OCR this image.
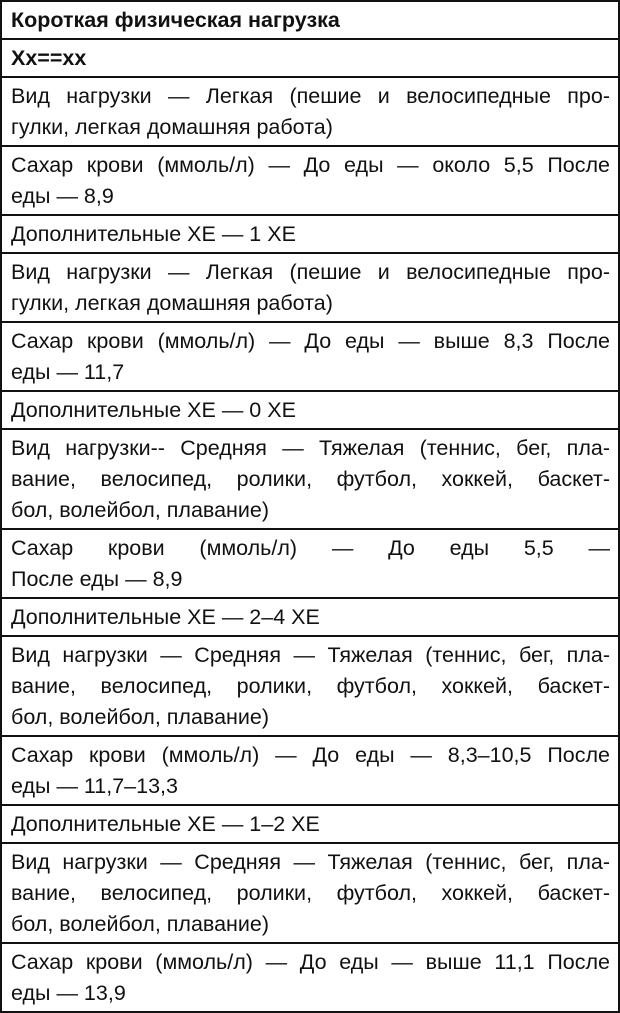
Короткая физическая нагрузка
Хх==хх
Вид нагрузки — Легкая (пешие и велосипедные про-
гулки, легкая домашняя работа)
Сахар крови (ммоль/л) — До еды — около 5,5 После
еды — 8,9
Дополнительные ХЕ — 1 ХЕ
Вид нагрузки — Легкая (пешие и велосипедные про-
гулки, легкая домашняя работа)
Сахар крови (ммоль/л) — До еды — выше 8,3 После
еды — 11,7
Дополнительные ХЕ — 0 ХЕ
Вид нагрузки-- Средняя — Тяжелая (теннис, бег, пла-
вание, велосипед, ролики, футбол, хоккей, баскет-
бол, волейбол, плавание)
Сахар крови (ммоль/л) — До еды 5,5 —
После еды — 8,9
Дополнительные ХЕ — 2–4 ХЕ
Вид нагрузки — Средняя — Тяжелая (теннис, бег, пла-
вание, велосипед, ролики, футбол, хоккей, баскет-
бол, волейбол, плавание)
Сахар крови (ммоль/л) — До еды — 8,3–10,5 После
еды — 11,7–13,3
Дополнительные ХЕ — 1–2 ХЕ
Вид нагрузки — Средняя — Тяжелая (теннис, бег, пла-
вание, велосипед, ролики, футбол, хоккей, баскет-
бол, волейбол, плавание)
Сахар крови (ммоль/л) — До еды — выше 11,1 После
еды — 13,9
